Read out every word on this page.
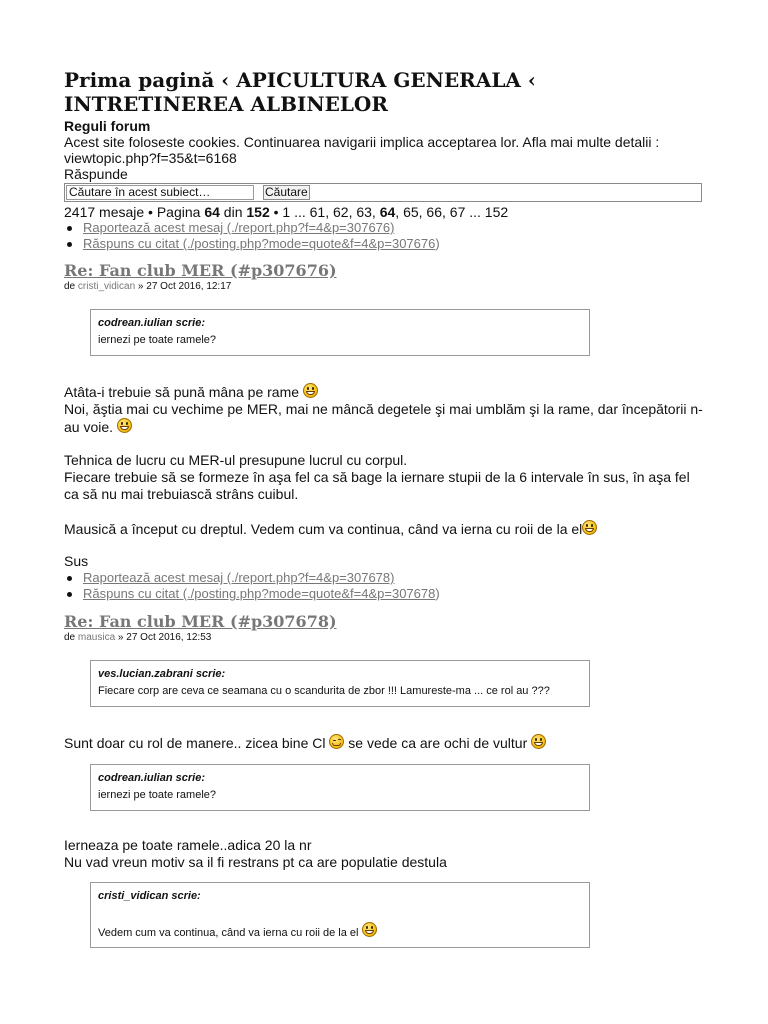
Prima pagină ‹ APICULTURA GENERALA ‹ INTRETINEREA ALBINELOR
Reguli forum
Acest site foloseste cookies. Continuarea navigarii implica acceptarea lor. Afla mai multe detalii :
viewtopic.php?f=35&t=6168
Răspunde
Căutare în acest subiect…
Căutare
2417 mesaje • Pagina 64 din 152 • 1 ... 61, 62, 63, 64, 65, 66, 67 ... 152
Raportează acest mesaj (./report.php?f=4&p=307676)
Răspuns cu citat (./posting.php?mode=quote&f=4&p=307676)
Re: Fan club MER (#p307676)
de cristi_vidican » 27 Oct 2016, 12:17
codrean.iulian scrie:
iernezi pe toate ramele?
Atâta-i trebuie să pună mâna pe rame
Noi, ăştia mai cu vechime pe MER, mai ne mâncă degetele şi mai umblăm şi la rame, dar începătorii n-
au voie.
Tehnica de lucru cu MER-ul presupune lucrul cu corpul.
Fiecare trebuie să se formeze în aşa fel ca să bage la iernare stupii de la 6 intervale în sus, în aşa fel
ca să nu mai trebuiască strâns cuibul.
Mausică a început cu dreptul. Vedem cum va continua, când va ierna cu roii de la el
Sus
Raportează acest mesaj (./report.php?f=4&p=307678)
Răspuns cu citat (./posting.php?mode=quote&f=4&p=307678)
Re: Fan club MER (#p307678)
de mausica » 27 Oct 2016, 12:53
ves.lucian.zabrani scrie:
Fiecare corp are ceva ce seamana cu o scandurita de zbor !!! Lamureste-ma ... ce rol au ???
Sunt doar cu rol de manere.. zicea bine Cl  se vede ca are ochi de vultur
codrean.iulian scrie:
iernezi pe toate ramele?
Ierneaza pe toate ramele..adica 20 la nr
Nu vad vreun motiv sa il fi restrans pt ca are populatie destula
cristi_vidican scrie:
Vedem cum va continua, când va ierna cu roii de la el
